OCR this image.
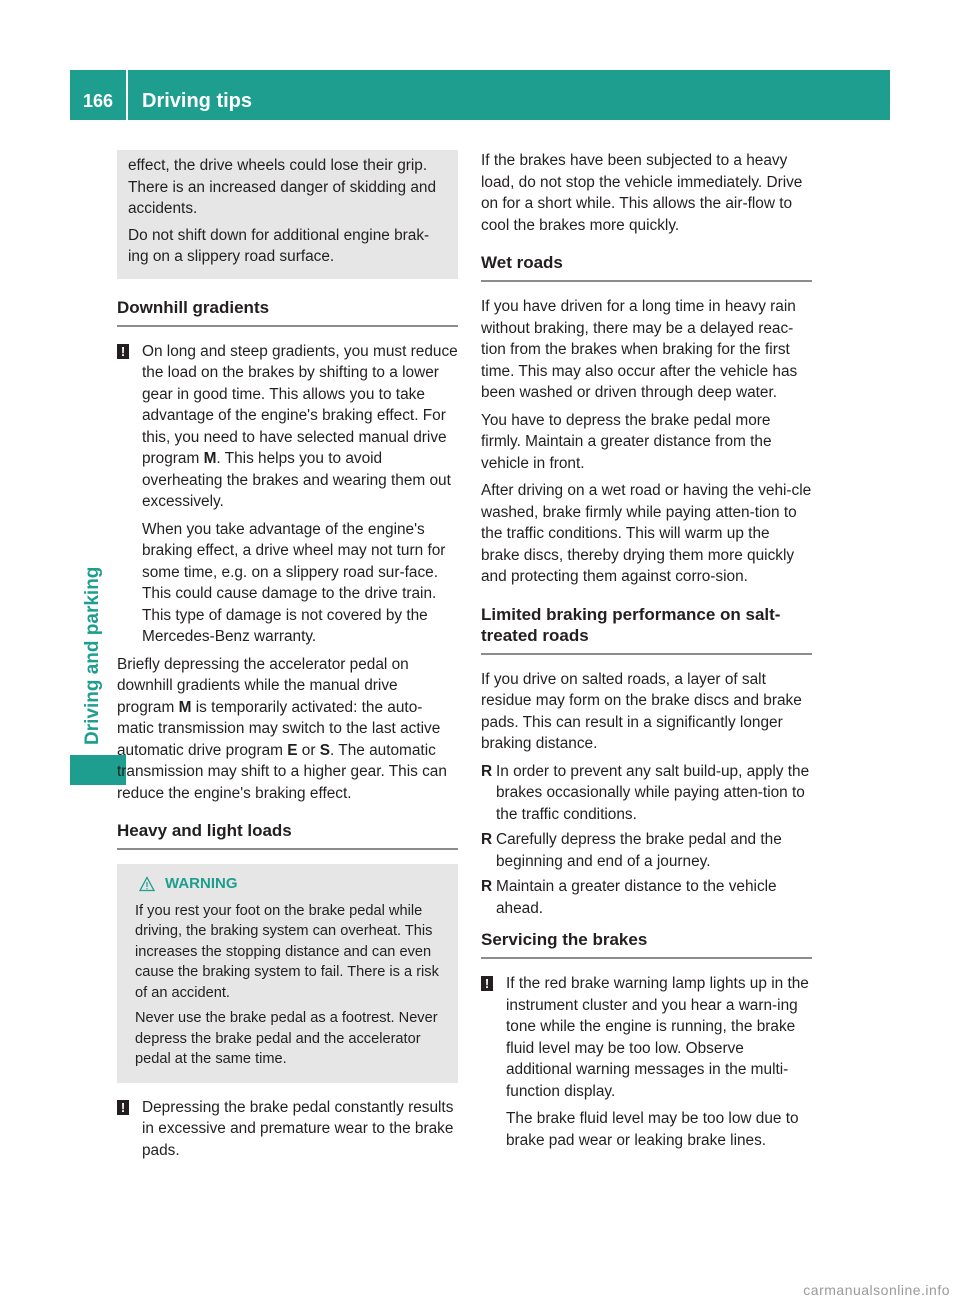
166	Driving tips
Driving and parking

effect, the drive wheels could lose their grip. There is an increased danger of skidding and accidents.

Do not shift down for additional engine brak-ing on a slippery road surface.

Downhill gradients
! On long and steep gradients, you must reduce the load on the brakes by shifting to a lower gear in good time. This allows you to take advantage of the engine's braking effect. For this, you need to have selected manual drive program M. This helps you to avoid overheating the brakes and wearing them out excessively.

When you take advantage of the engine's braking effect, a drive wheel may not turn for some time, e.g. on a slippery road sur-face. This could cause damage to the drive train. This type of damage is not covered by the Mercedes-Benz warranty.

Briefly depressing the accelerator pedal on downhill gradients while the manual drive program M is temporarily activated: the auto-matic transmission may switch to the last active automatic drive program E or S. The automatic transmission may shift to a higher gear. This can reduce the engine's braking effect.

Heavy and light loads
WARNING

If you rest your foot on the brake pedal while driving, the braking system can overheat. This increases the stopping distance and can even cause the braking system to fail. There is a risk of an accident.

Never use the brake pedal as a footrest. Never depress the brake pedal and the accelerator pedal at the same time.

! Depressing the brake pedal constantly results in excessive and premature wear to the brake pads.

If the brakes have been subjected to a heavy load, do not stop the vehicle immediately. Drive on for a short while. This allows the air-flow to cool the brakes more quickly.

Wet roads

If you have driven for a long time in heavy rain without braking, there may be a delayed reac-tion from the brakes when braking for the first time. This may also occur after the vehicle has been washed or driven through deep water.

You have to depress the brake pedal more firmly. Maintain a greater distance from the vehicle in front.

After driving on a wet road or having the vehi-cle washed, brake firmly while paying atten-tion to the traffic conditions. This will warm up the brake discs, thereby drying them more quickly and protecting them against corro-sion.

Limited braking performance on salt-treated roads

If you drive on salted roads, a layer of salt residue may form on the brake discs and brake pads. This can result in a significantly longer braking distance.

R In order to prevent any salt build-up, apply the brakes occasionally while paying atten-tion to the traffic conditions.
R Carefully depress the brake pedal and the beginning and end of a journey.
R Maintain a greater distance to the vehicle ahead.
Servicing the brakes
! If the red brake warning lamp lights up in the instrument cluster and you hear a warn-ing tone while the engine is running, the brake fluid level may be too low. Observe additional warning messages in the multi-function display.

The brake fluid level may be too low due to brake pad wear or leaking brake lines.

carmanualsonline.info
